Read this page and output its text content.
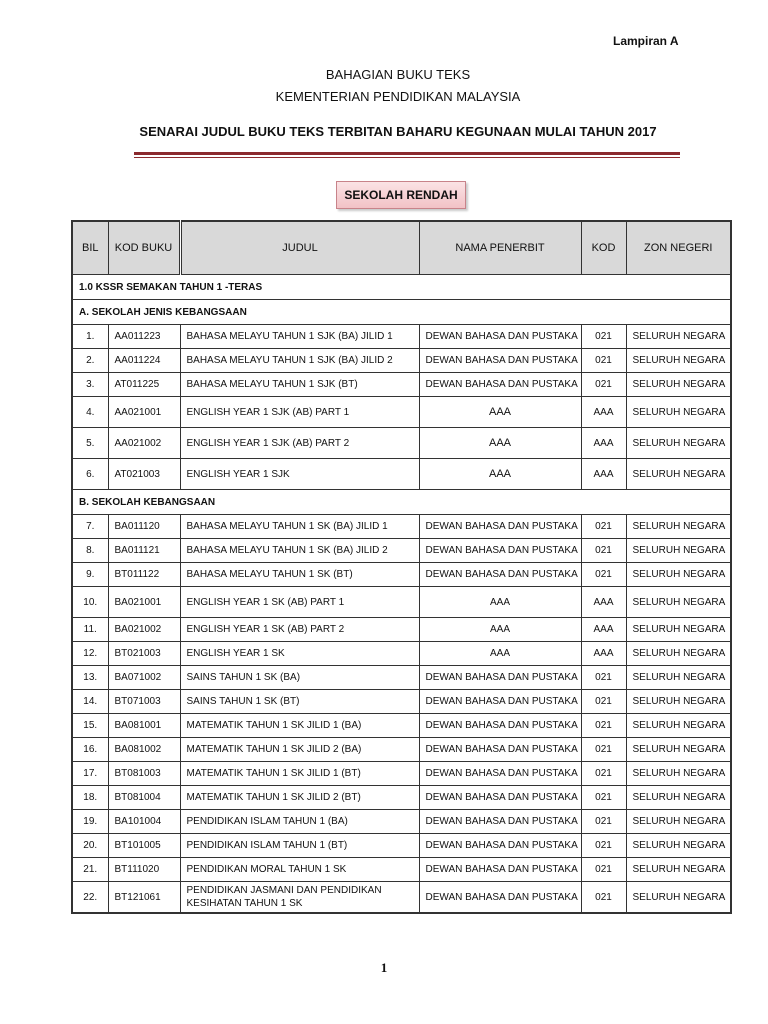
Lampiran A
BAHAGIAN BUKU TEKS
KEMENTERIAN PENDIDIKAN MALAYSIA
SENARAI JUDUL BUKU TEKS TERBITAN BAHARU KEGUNAAN MULAI TAHUN 2017
SEKOLAH RENDAH
BIL	KOD BUKU	JUDUL	NAMA PENERBIT	KOD	ZON NEGERI
1.0 KSSR SEMAKAN TAHUN 1 -TERAS					
A. SEKOLAH JENIS KEBANGSAAN					
1.	AA011223	BAHASA MELAYU TAHUN 1 SJK (BA) JILID 1	DEWAN BAHASA DAN PUSTAKA	021	SELURUH NEGARA
2.	AA011224	BAHASA MELAYU TAHUN 1 SJK (BA) JILID 2	DEWAN BAHASA DAN PUSTAKA	021	SELURUH NEGARA
3.	AT011225	BAHASA MELAYU TAHUN 1 SJK (BT)	DEWAN BAHASA DAN PUSTAKA	021	SELURUH NEGARA
4.	AA021001	ENGLISH YEAR 1 SJK (AB) PART 1	AAA	AAA	SELURUH NEGARA
5.	AA021002	ENGLISH YEAR 1 SJK (AB) PART 2	AAA	AAA	SELURUH NEGARA
6.	AT021003	ENGLISH YEAR 1 SJK	AAA	AAA	SELURUH NEGARA
B. SEKOLAH KEBANGSAAN					
7.	BA011120	BAHASA MELAYU TAHUN 1 SK (BA) JILID 1	DEWAN BAHASA DAN PUSTAKA	021	SELURUH NEGARA
8.	BA011121	BAHASA MELAYU TAHUN 1 SK (BA) JILID 2	DEWAN BAHASA DAN PUSTAKA	021	SELURUH NEGARA
9.	BT011122	BAHASA MELAYU TAHUN 1 SK (BT)	DEWAN BAHASA DAN PUSTAKA	021	SELURUH NEGARA
10.	BA021001	ENGLISH YEAR 1 SK (AB) PART 1	AAA	AAA	SELURUH NEGARA
11.	BA021002	ENGLISH YEAR 1 SK (AB) PART 2	AAA	AAA	SELURUH NEGARA
12.	BT021003	ENGLISH YEAR 1 SK	AAA	AAA	SELURUH NEGARA
13.	BA071002	SAINS TAHUN 1 SK (BA)	DEWAN BAHASA DAN PUSTAKA	021	SELURUH NEGARA
14.	BT071003	SAINS TAHUN 1 SK (BT)	DEWAN BAHASA DAN PUSTAKA	021	SELURUH NEGARA
15.	BA081001	MATEMATIK TAHUN 1 SK JILID 1 (BA)	DEWAN BAHASA DAN PUSTAKA	021	SELURUH NEGARA
16.	BA081002	MATEMATIK TAHUN 1 SK JILID 2 (BA)	DEWAN BAHASA DAN PUSTAKA	021	SELURUH NEGARA
17.	BT081003	MATEMATIK TAHUN 1 SK JILID 1 (BT)	DEWAN BAHASA DAN PUSTAKA	021	SELURUH NEGARA
18.	BT081004	MATEMATIK TAHUN 1 SK JILID 2 (BT)	DEWAN BAHASA DAN PUSTAKA	021	SELURUH NEGARA
19.	BA101004	PENDIDIKAN ISLAM TAHUN 1 (BA)	DEWAN BAHASA DAN PUSTAKA	021	SELURUH NEGARA
20.	BT101005	PENDIDIKAN ISLAM TAHUN 1 (BT)	DEWAN BAHASA DAN PUSTAKA	021	SELURUH NEGARA
21.	BT111020	PENDIDIKAN MORAL TAHUN 1 SK	DEWAN BAHASA DAN PUSTAKA	021	SELURUH NEGARA
22.	BT121061	PENDIDIKAN JASMANI DAN PENDIDIKAN KESIHATAN TAHUN 1 SK	DEWAN BAHASA DAN PUSTAKA	021	SELURUH NEGARA
1
